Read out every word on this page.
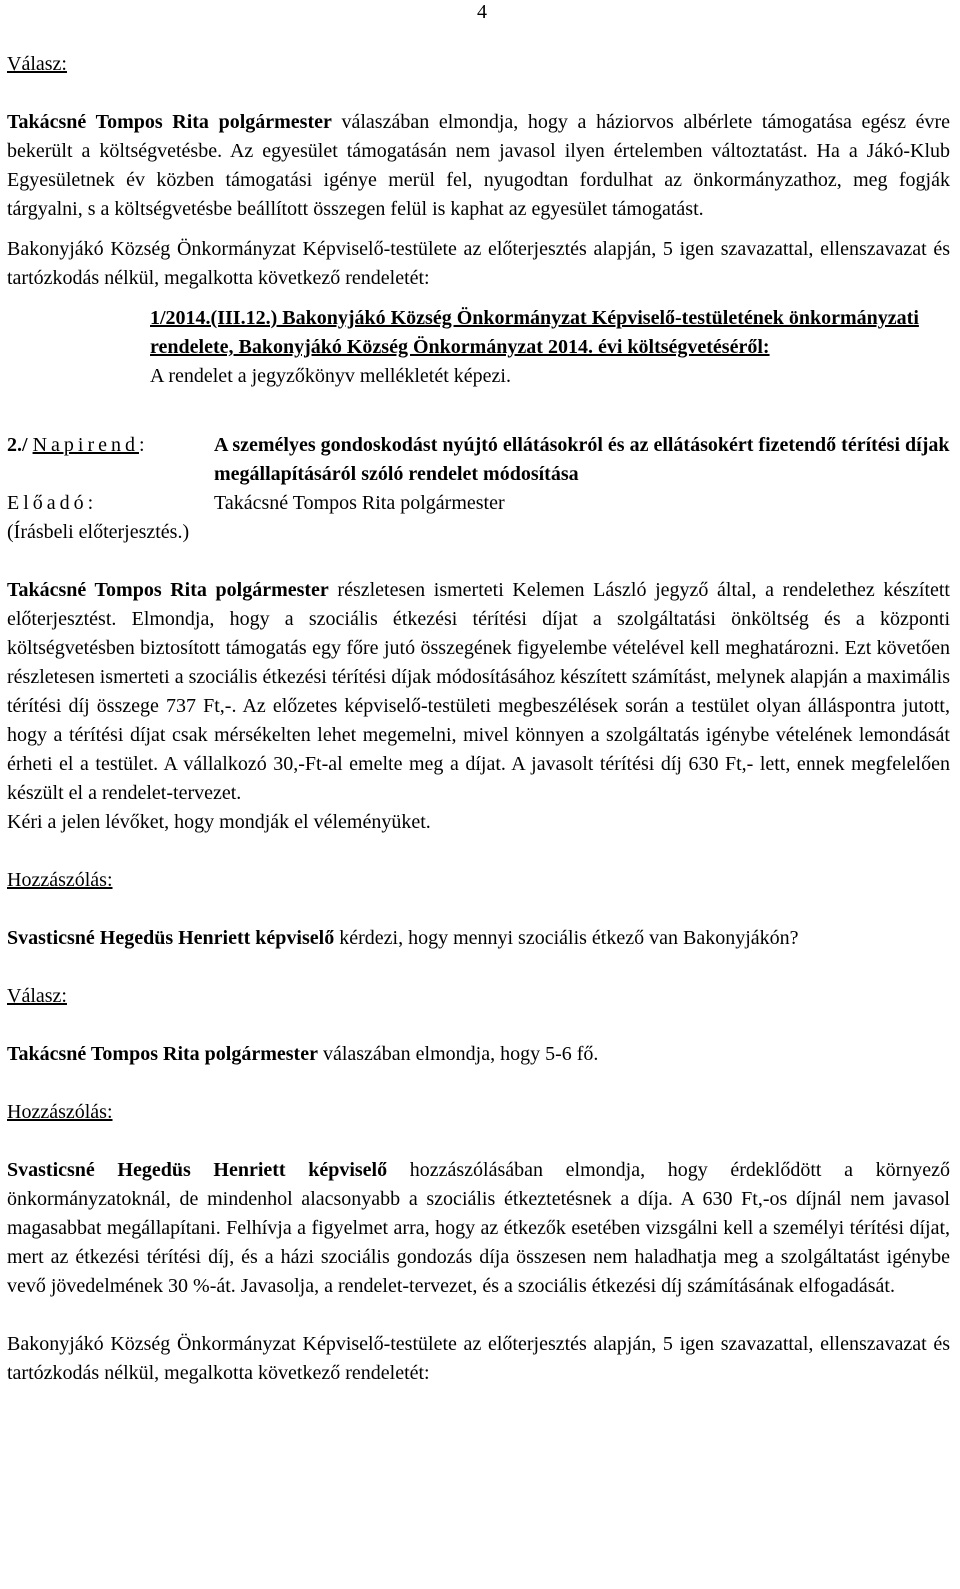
4

Válasz:

Takácsné Tompos Rita polgármester válaszában elmondja, hogy a háziorvos albérlete támogatása egész évre bekerült a költségvetésbe. Az egyesület támogatásán nem javasol ilyen értelemben változtatást. Ha a Jákó-Klub Egyesületnek év közben támogatási igénye merül fel, nyugodtan fordulhat az önkormányzathoz, meg fogják tárgyalni, s a költségvetésbe beállított összegen felül is kaphat az egyesület támogatást.

Bakonyjákó Község Önkormányzat Képviselő-testülete az előterjesztés alapján, 5 igen szavazattal, ellenszavazat és tartózkodás nélkül, megalkotta következő rendeletét:

1/2014.(III.12.) Bakonyjákó Község Önkormányzat Képviselő-testületének önkormányzati rendelete, Bakonyjákó Község Önkormányzat 2014. évi költségvetéséről:

A rendelet a jegyzőkönyv mellékletét képezi.

2./ Napirend:	A személyes gondoskodást nyújtó ellátásokról és az ellátásokért fizetendő térítési díjak megállapításáról szóló rendelet módosítása
Előadó:	Takácsné Tompos Rita polgármester

(Írásbeli előterjesztés.)

Takácsné Tompos Rita polgármester részletesen ismerteti Kelemen László jegyző által, a rendelethez készített előterjesztést. Elmondja, hogy a szociális étkezési térítési díjat a szolgáltatási önköltség és a központi költségvetésben biztosított támogatás egy főre jutó összegének figyelembe vételével kell meghatározni. Ezt követően részletesen ismerteti a szociális étkezési térítési díjak módosításához készített számítást, melynek alapján a maximális térítési díj összege 737 Ft,-. Az előzetes képviselő-testületi megbeszélések során a testület olyan álláspontra jutott, hogy a térítési díjat csak mérsékelten lehet megemelni, mivel könnyen a szolgáltatás igénybe vételének lemondását érheti el a testület. A vállalkozó 30,-Ft-al emelte meg a díjat. A javasolt térítési díj 630 Ft,- lett, ennek megfelelően készült el a rendelet-tervezet.

Kéri a jelen lévőket, hogy mondják el véleményüket.

Hozzászólás:

Svasticsné Hegedüs Henriett képviselő kérdezi, hogy mennyi szociális étkező van Bakonyjákón?

Válasz:

Takácsné Tompos Rita polgármester válaszában elmondja, hogy 5-6 fő.

Hozzászólás:

Svasticsné Hegedüs Henriett képviselő hozzászólásában elmondja, hogy érdeklődött a környező önkormányzatoknál, de mindenhol alacsonyabb a szociális étkeztetésnek a díja. A 630 Ft,-os díjnál nem javasol magasabbat megállapítani. Felhívja a figyelmet arra, hogy az étkezők esetében vizsgálni kell a személyi térítési díjat, mert az étkezési térítési díj, és a házi szociális gondozás díja összesen nem haladhatja meg a szolgáltatást igénybe vevő jövedelmének 30 %-át. Javasolja, a rendelet-tervezet, és a szociális étkezési díj számításának elfogadását.

Bakonyjákó Község Önkormányzat Képviselő-testülete az előterjesztés alapján, 5 igen szavazattal, ellenszavazat és tartózkodás nélkül, megalkotta következő rendeletét:
